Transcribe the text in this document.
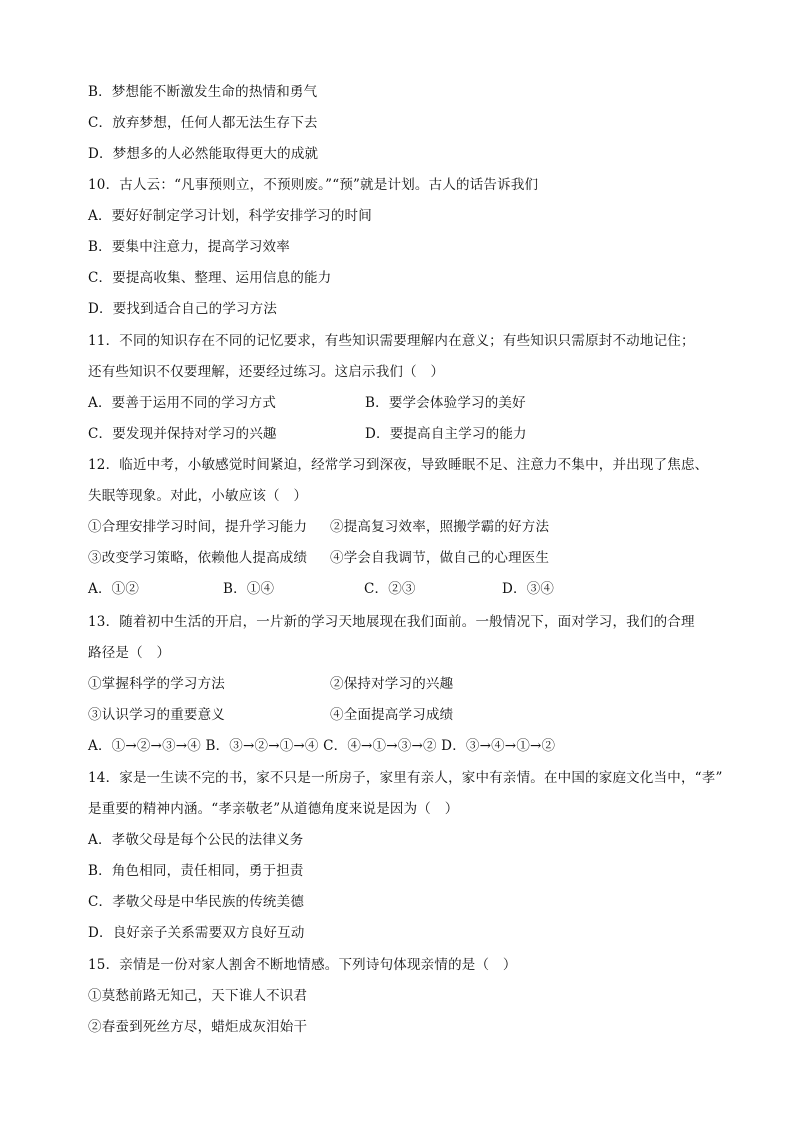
B．梦想能不断激发生命的热情和勇气
C．放弃梦想，任何人都无法生存下去
D．梦想多的人必然能取得更大的成就
10．古人云：“凡事预则立，不预则废。”“预”就是计划。古人的话告诉我们
A．要好好制定学习计划，科学安排学习的时间
B．要集中注意力，提高学习效率
C．要提高收集、整理、运用信息的能力
D．要找到适合自己的学习方法
11．不同的知识存在不同的记忆要求，有些知识需要理解内在意义；有些知识只需原封不动地记住；
还有些知识不仅要理解，还要经过练习。这启示我们（　）
A．要善于运用不同的学习方式	B．要学会体验学习的美好
C．要发现并保持对学习的兴趣	D．要提高自主学习的能力
12．临近中考，小敏感觉时间紧迫，经常学习到深夜，导致睡眠不足、注意力不集中，并出现了焦虑、
失眠等现象。对此，小敏应该（　）
①合理安排学习时间，提升学习能力 ②提高复习效率，照搬学霸的好方法
③改变学习策略，依赖他人提高成绩 ④学会自我调节，做自己的心理医生
A．①②	B．①④	C．②③	D．③④
13．随着初中生活的开启，一片新的学习天地展现在我们面前。一般情况下，面对学习，我们的合理
路径是（　）
①掌握科学的学习方法	②保持对学习的兴趣
③认识学习的重要意义	④全面提高学习成绩
A．①→②→③→④ B．③→②→①→④ C．④→①→③→② D．③→④→①→②
14．家是一生读不完的书，家不只是一所房子，家里有亲人，家中有亲情。在中国的家庭文化当中，“孝”
是重要的精神内涵。“孝亲敬老”从道德角度来说是因为（　）
A．孝敬父母是每个公民的法律义务
B．角色相同，责任相同，勇于担责
C．孝敬父母是中华民族的传统美德
D．良好亲子关系需要双方良好互动
15．亲情是一份对家人割舍不断地情感。下列诗句体现亲情的是（　）
①莫愁前路无知己，天下谁人不识君
②春蚕到死丝方尽，蜡炬成灰泪始干
